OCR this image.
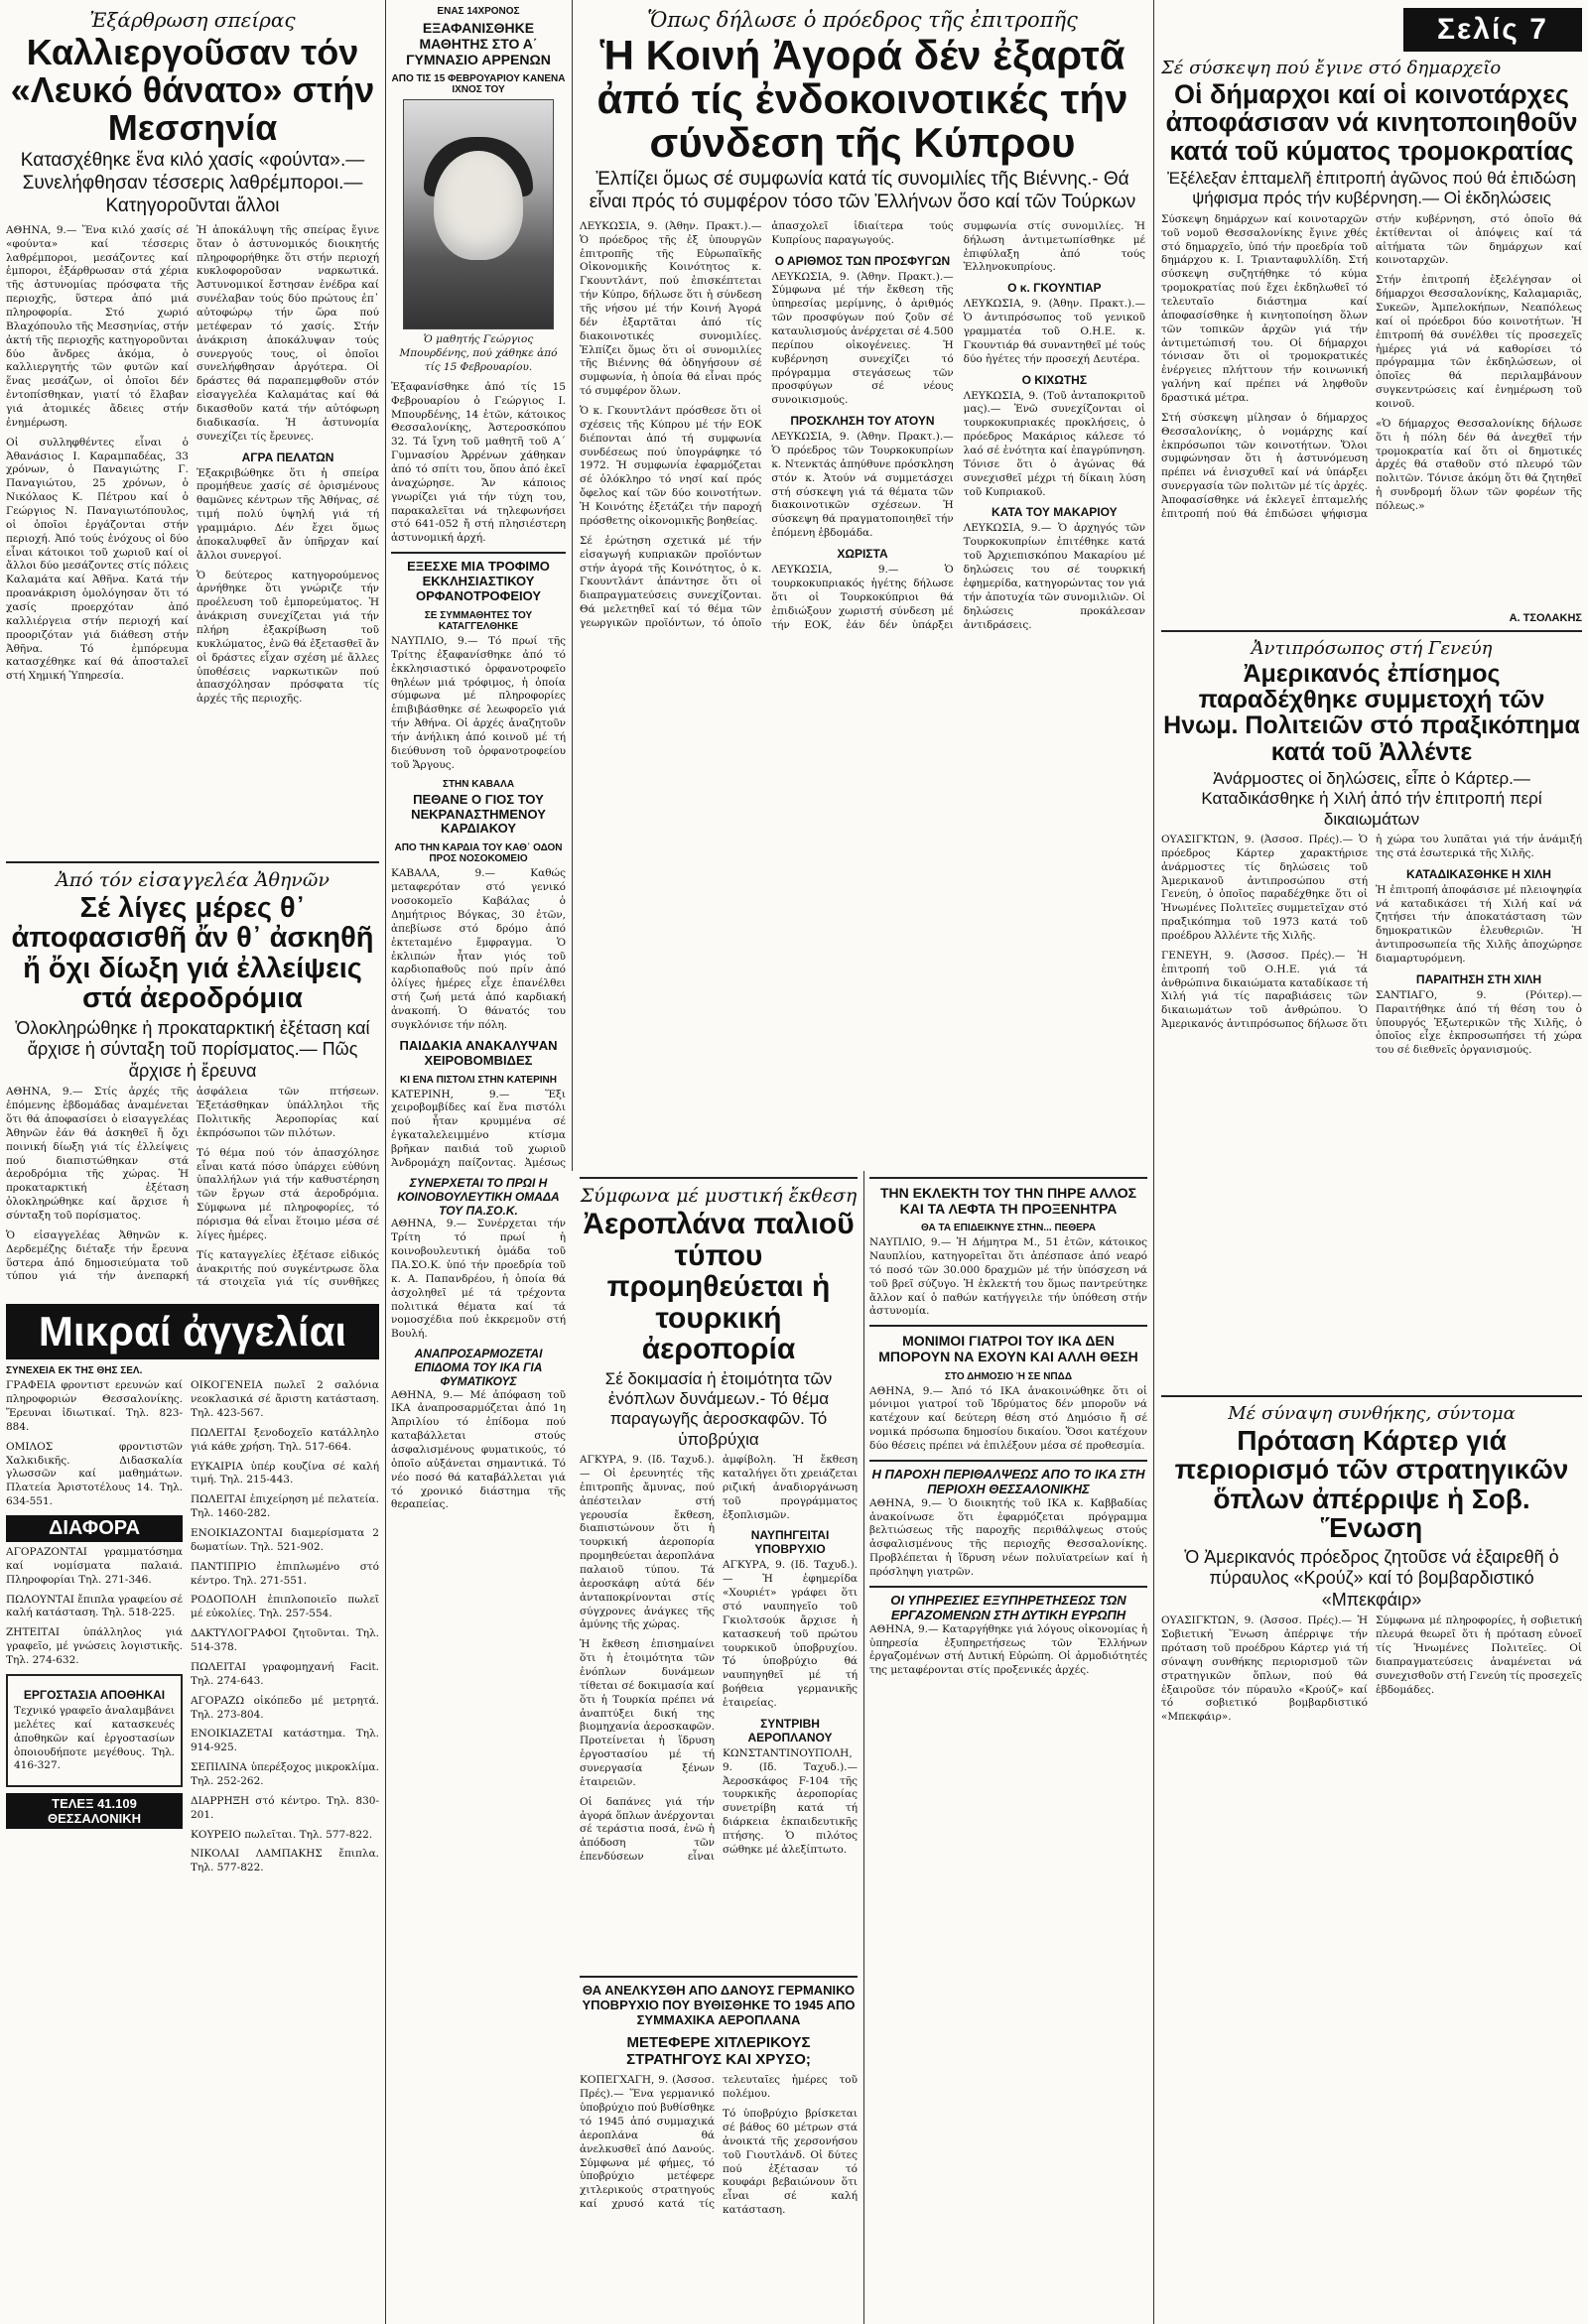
Ἐξάρθρωση σπείρας

Καλλιεργοῦσαν τόν «Λευκό θάνατο» στήν Μεσσηνία

Κατασχέθηκε ἕνα κιλό χασίς «φούντα».— Συνελήφθησαν τέσσερις λαθρέμποροι.— Κατηγοροῦνται ἄλλοι

ΑΘΗΝΑ, 9.— Ἕνα κιλό χασίς σέ «φούντα» καί τέσσερις λαθρέμποροι, μεσάζοντες καί ἐμποροι, ἐξάρθρωσαν στά χέρια τῆς ἀστυνομίας πρόσφατα τῆς περιοχῆς, ὕστερα ἀπό μιά πληροφορία. Στό χωριό Βλαχόπουλο τῆς Μεσσηνίας, στήν ἀκτή τῆς περιοχῆς κατηγοροῦνται δύο ἄνδρες ἀκόμα, ὁ καλλιεργητής τῶν φυτῶν καί ἕνας μεσάζων, οἱ ὁποῖοι δέν ἐντοπίσθηκαν, γιατί τό ἔλαβαν γιά ἀτομικές ἄδειες στήν ἐνημέρωση.

Οἱ συλληφθέντες εἶναι ὁ Ἀθανάσιος Ι. Καραμπαδέας, 33 χρόνων, ὁ Παναγιώτης Γ. Παναγιώτου, 25 χρόνων, ὁ Νικόλαος Κ. Πέτρου καί ὁ Γεώργιος Ν. Παναγιωτόπουλος, οἱ ὁποῖοι ἐργάζονται στήν περιοχή. Ἀπό τούς ἐνόχους οἱ δύο εἶναι κάτοικοι τοῦ χωριοῦ καί οἱ ἄλλοι δύο μεσάζοντες στίς πόλεις Καλαμάτα καί Ἀθῆνα. Κατά τήν προανάκριση ὁμολόγησαν ὅτι τό χασίς προερχόταν ἀπό καλλιέργεια στήν περιοχή καί προοριζόταν γιά διάθεση στήν Ἀθῆνα. Τό ἐμπόρευμα κατασχέθηκε καί θά ἀποσταλεῖ στή Χημική Ὑπηρεσία.

Ἡ ἀποκάλυψη τῆς σπείρας ἔγινε ὅταν ὁ ἀστυνομικός διοικητής πληροφορήθηκε ὅτι στήν περιοχή κυκλοφοροῦσαν ναρκωτικά. Ἀστυνομικοί ἔστησαν ἐνέδρα καί συνέλαβαν τούς δύο πρώτους ἐπ᾽ αὐτοφώρῳ τήν ὥρα πού μετέφεραν τό χασίς. Στήν ἀνάκριση ἀποκάλυψαν τούς συνεργούς τους, οἱ ὁποῖοι συνελήφθησαν ἀργότερα. Οἱ δράστες θά παραπεμφθοῦν στόν εἰσαγγελέα Καλαμάτας καί θά δικασθοῦν κατά τήν αὐτόφωρη διαδικασία. Ἡ ἀστυνομία συνεχίζει τίς ἔρευνες.

ΑΓΡΑ ΠΕΛΑΤΩΝ

Ἐξακριβώθηκε ὅτι ἡ σπείρα προμήθευε χασίς σέ ὁρισμένους θαμῶνες κέντρων τῆς Ἀθήνας, σέ τιμή πολύ ὑψηλή γιά τή γραμμάριο. Δέν ἔχει ὅμως ἀποκαλυφθεῖ ἄν ὑπῆρχαν καί ἄλλοι συνεργοί.

Ὁ δεύτερος κατηγορούμενος ἀρνήθηκε ὅτι γνώριζε τήν προέλευση τοῦ ἐμπορεύματος. Ἡ ἀνάκριση συνεχίζεται γιά τήν πλήρη ἐξακρίβωση τοῦ κυκλώματος, ἐνῶ θά ἐξετασθεῖ ἄν οἱ δράστες εἶχαν σχέση μέ ἄλλες ὑποθέσεις ναρκωτικῶν πού ἀπασχόλησαν πρόσφατα τίς ἀρχές τῆς περιοχῆς.

Ἀπό τόν εἰσαγγελέα Ἀθηνῶν

Σέ λίγες μέρες θ᾽ ἀποφασισθῆ ἄν θ᾽ ἀσκηθῆ ἤ ὄχι δίωξη γιά ἐλλείψεις στά ἀεροδρόμια

Ὁλοκληρώθηκε ἡ προκαταρκτική ἐξέταση καί ἄρχισε ἡ σύνταξη τοῦ πορίσματος.— Πῶς ἄρχισε ἡ ἔρευνα

ΑΘΗΝΑ, 9.— Στίς ἀρχές τῆς ἐπόμενης ἑβδομάδας ἀναμένεται ὅτι θά ἀποφασίσει ὁ εἰσαγγελέας Ἀθηνῶν ἐάν θά ἀσκηθεῖ ἤ ὄχι ποινική δίωξη γιά τίς ἐλλείψεις πού διαπιστώθηκαν στά ἀεροδρόμια τῆς χώρας. Ἡ προκαταρκτική ἐξέταση ὁλοκληρώθηκε καί ἄρχισε ἡ σύνταξη τοῦ πορίσματος.

Ὁ εἰσαγγελέας Ἀθηνῶν κ. Δερδεμέζης διέταξε τήν ἔρευνα ὕστερα ἀπό δημοσιεύματα τοῦ τύπου γιά τήν ἀνεπαρκή ἀσφάλεια τῶν πτήσεων. Ἐξετάσθηκαν ὑπάλληλοι τῆς Πολιτικῆς Ἀεροπορίας καί ἐκπρόσωποι τῶν πιλότων.

Τό θέμα πού τόν ἀπασχόλησε εἶναι κατά πόσο ὑπάρχει εὐθύνη ὑπαλλήλων γιά τήν καθυστέρηση τῶν ἔργων στά ἀεροδρόμια. Σύμφωνα μέ πληροφορίες, τό πόρισμα θά εἶναι ἕτοιμο μέσα σέ λίγες ἡμέρες.

Τίς καταγγελίες ἐξέτασε εἰδικός ἀνακριτής πού συγκέντρωσε ὅλα τά στοιχεῖα γιά τίς συνθῆκες

Μικραί ἀγγελίαι

ΣΥΝΕΧΕΙΑ ΕΚ ΤΗΣ ΘΗΣ ΣΕΛ.

ΓΡΑΦΕΙΑ φροντιστ ερευνών καί πληροφοριών Θεσσαλονίκης. Ἔρευναι ἰδιωτικαί. Τηλ. 823-884.

ΟΜΙΛΟΣ φροντιστῶν Χαλκιδικῆς. Διδασκαλία γλωσσῶν καί μαθημάτων. Πλατεία Ἀριστοτέλους 14. Τηλ. 634-551.

ΔΙΑΦΟΡΑ

ΑΓΟΡΑΖΟΝΤΑΙ γραμματόσημα καί νομίσματα παλαιά. Πληροφορίαι Τηλ. 271-346.

ΠΩΛΟΥΝΤΑΙ ἔπιπλα γραφείου σέ καλή κατάσταση. Τηλ. 518-225.

ΖΗΤΕΙΤΑΙ ὑπάλληλος γιά γραφεῖο, μέ γνώσεις λογιστικῆς. Τηλ. 274-632.

ΕΡΓΟΣΤΑΣΙΑ ΑΠΟΘΗΚΑΙ

Τεχνικό γραφεῖο ἀναλαμβάνει μελέτες καί κατασκευές ἀποθηκῶν καί ἐργοστασίων ὁποιουδήποτε μεγέθους. Τηλ. 416-327.

ΤΕΛΕΞ 41.109 ΘΕΣΣΑΛΟΝΙΚΗ

ΟΙΚΟΓΕΝΕΙΑ πωλεῖ 2 σαλόνια νεοκλασικά σέ ἄριστη κατάσταση. Τηλ. 423-567.

ΠΩΛΕΙΤΑΙ ξενοδοχεῖο κατάλληλο γιά κάθε χρήση. Τηλ. 517-664.

ΕΥΚΑΙΡΙΑ ὑπέρ κουζίνα σέ καλή τιμή. Τηλ. 215-443.

ΠΩΛΕΙΤΑΙ ἐπιχείρηση μέ πελατεία. Τηλ. 1460-282.

ΕΝΟΙΚΙΑΖΟΝΤΑΙ διαμερίσματα 2 δωματίων. Τηλ. 521-902.

ΠΑΝΤΙΠΡΙΟ ἐπιπλωμένο στό κέντρο. Τηλ. 271-551.

ΡΟΔΟΠΟΛΗ ἐπιπλοποιεῖο πωλεῖ μέ εὐκολίες. Τηλ. 257-554.

ΔΑΚΤΥΛΟΓΡΑΦΟΙ ζητοῦνται. Τηλ. 514-378.

ΠΩΛΕΙΤΑΙ γραφομηχανή Facit. Τηλ. 274-643.

ΑΓΟΡΑΖΩ οἰκόπεδο μέ μετρητά. Τηλ. 273-804.

ΕΝΟΙΚΙΑΖΕΤΑΙ κατάστημα. Τηλ. 914-925.

ΣΕΠΙΛΙΝΑ ὑπερέξοχος μικροκλίμα. Τηλ. 252-262.

ΔΙΑΡΡΗΞΗ στό κέντρο. Τηλ. 830-201.

ΚΟΥΡΕΙΟ πωλεῖται. Τηλ. 577-822.

ΝΙΚΟΛΑΙ ΛΑΜΠΑΚΗΣ ἔπιπλα. Τηλ. 577-822.

ΕΝΑΣ 14ΧΡΟΝΟΣ

ΕΞΑΦΑΝΙΣΘΗΚΕ ΜΑΘΗΤΗΣ ΣΤΟ Α΄ ΓΥΜΝΑΣΙΟ ΑΡΡΕΝΩΝ

ΑΠΟ ΤΙΣ 15 ΦΕΒΡΟΥΑΡΙΟΥ ΚΑΝΕΝΑ ΙΧΝΟΣ ΤΟΥ

Ὁ μαθητής Γεώργιος Μπουρδένης, πού χάθηκε ἀπό τίς 15 Φεβρουαρίου.

Ἐξαφανίσθηκε ἀπό τίς 15 Φεβρουαρίου ὁ Γεώργιος Ι. Μπουρδένης, 14 ἐτῶν, κάτοικος Θεσσαλονίκης, Ἀστεροσκόπου 32. Τά ἴχνη τοῦ μαθητῆ τοῦ Α΄ Γυμνασίου Ἀρρένων χάθηκαν ἀπό τό σπίτι του, ὅπου ἀπό ἐκεῖ ἀναχώρησε. Ἄν κάποιος γνωρίζει γιά τήν τύχη του, παρακαλεῖται νά τηλεφωνήσει στό 641-052 ἤ στή πλησιέστερη ἀστυνομική ἀρχή.

ΕΞΕΣΧΕ ΜΙΑ ΤΡΟΦΙΜΟ ΕΚΚΛΗΣΙΑΣΤΙΚΟΥ ΟΡΦΑΝΟΤΡΟΦΕΙΟΥ

ΣΕ ΣΥΜΜΑΘΗΤΕΣ ΤΟΥ ΚΑΤΑΓΓΕΛΘΗΚΕ

ΝΑΥΠΛΙΟ, 9.— Τό πρωί τῆς Τρίτης ἐξαφανίσθηκε ἀπό τό ἐκκλησιαστικό ὀρφανοτροφεῖο θηλέων μιά τρόφιμος, ἡ ὁποία σύμφωνα μέ πληροφορίες ἐπιβιβάσθηκε σέ λεωφορεῖο γιά τήν Ἀθήνα. Οἱ ἀρχές ἀναζητοῦν τήν ἀνήλικη ἀπό κοινοῦ μέ τή διεύθυνση τοῦ ὀρφανοτροφείου τοῦ Ἄργους.

ΣΤΗΝ ΚΑΒΑΛΑ

ΠΕΘΑΝΕ Ο ΓΙΟΣ ΤΟΥ ΝΕΚΡΑΝΑΣΤΗΜΕΝΟΥ ΚΑΡΔΙΑΚΟΥ

ΑΠΟ ΤΗΝ ΚΑΡΔΙΑ ΤΟΥ ΚΑΘ᾽ ΟΔΟΝ ΠΡΟΣ ΝΟΣΟΚΟΜΕΙΟ

ΚΑΒΑΛΑ, 9.— Καθώς μεταφερόταν στό γενικό νοσοκομεῖο Καβάλας ὁ Δημήτριος Βόγκας, 30 ἐτῶν, ἀπεβίωσε στό δρόμο ἀπό ἐκτεταμένο ἔμφραγμα. Ὁ ἐκλιπών ἦταν γιός τοῦ καρδιοπαθοῦς πού πρίν ἀπό ὀλίγες ἡμέρες εἶχε ἐπανέλθει στή ζωή μετά ἀπό καρδιακή ἀνακοπή. Ὁ θάνατός του συγκλόνισε τήν πόλη.

ΠΑΙΔΑΚΙΑ ΑΝΑΚΑΛΥΨΑΝ ΧΕΙΡΟΒΟΜΒΙΔΕΣ

ΚΙ ΕΝΑ ΠΙΣΤΟΛΙ ΣΤΗΝ ΚΑΤΕΡΙΝΗ

ΚΑΤΕΡΙΝΗ, 9.— Ἕξι χειροβομβίδες καί ἕνα πιστόλι πού ἦταν κρυμμένα σέ ἐγκαταλελειμμένο κτίσμα βρῆκαν παιδιά τοῦ χωριοῦ Ἀνδρομάχη παίζοντας. Ἀμέσως

ΣΥΝΕΡΧΕΤΑΙ ΤΟ ΠΡΩΙ Η ΚΟΙΝΟΒΟΥΛΕΥΤΙΚΗ ΟΜΑΔΑ ΤΟΥ ΠΑ.ΣΟ.Κ.

ΑΘΗΝΑ, 9.— Συνέρχεται τήν Τρίτη τό πρωί ἡ κοινοβουλευτική ὁμάδα τοῦ ΠΑ.ΣΟ.Κ. ὑπό τήν προεδρία τοῦ κ. Α. Παπανδρέου, ἡ ὁποία θά ἀσχοληθεῖ μέ τά τρέχοντα πολιτικά θέματα καί τά νομοσχέδια πού ἐκκρεμοῦν στή Βουλή.

ΑΝΑΠΡΟΣΑΡΜΟΖΕΤΑΙ ΕΠΙΔΟΜΑ ΤΟΥ ΙΚΑ ΓΙΑ ΦΥΜΑΤΙΚΟΥΣ

ΑΘΗΝΑ, 9.— Μέ ἀπόφαση τοῦ ΙΚΑ ἀναπροσαρμόζεται ἀπό 1η Ἀπριλίου τό ἐπίδομα πού καταβάλλεται στούς ἀσφαλισμένους φυματικούς, τό ὁποῖο αὐξάνεται σημαντικά. Τό νέο ποσό θά καταβάλλεται γιά τό χρονικό διάστημα τῆς θεραπείας.

Ὅπως δήλωσε ὁ πρόεδρος τῆς ἐπιτροπῆς

Ἡ Κοινή Ἀγορά δέν ἐξαρτᾶ ἀπό τίς ἐνδοκοινοτικές τήν σύνδεση τῆς Κύπρου

Ἐλπίζει ὅμως σέ συμφωνία κατά τίς συνομιλίες τῆς Βιέννης.- Θά εἶναι πρός τό συμφέρον τόσο τῶν Ἑλλήνων ὅσο καί τῶν Τούρκων

ΛΕΥΚΩΣΙΑ, 9. (Ἀθην. Πρακτ.).— Ὁ πρόεδρος τῆς ἐξ ὑπουργῶν ἐπιτροπῆς τῆς Εὐρωπαϊκῆς Οἰκονομικῆς Κοινότητος κ. Γκουντλάντ, πού ἐπισκέπτεται τήν Κύπρο, δήλωσε ὅτι ἡ σύνδεση τῆς νήσου μέ τήν Κοινή Ἀγορά δέν ἐξαρτᾶται ἀπό τίς διακοινοτικές συνομιλίες. Ἐλπίζει ὅμως ὅτι οἱ συνομιλίες τῆς Βιέννης θά ὁδηγήσουν σέ συμφωνία, ἡ ὁποία θά εἶναι πρός τό συμφέρον ὅλων.

Ὁ κ. Γκουντλάντ πρόσθεσε ὅτι οἱ σχέσεις τῆς Κύπρου μέ τήν ΕΟΚ διέπονται ἀπό τή συμφωνία συνδέσεως πού ὑπογράφηκε τό 1972. Ἡ συμφωνία ἐφαρμόζεται σέ ὁλόκληρο τό νησί καί πρός ὄφελος καί τῶν δύο κοινοτήτων. Ἡ Κοινότης ἐξετάζει τήν παροχή πρόσθετης οἰκονομικῆς βοηθείας.

Σέ ἐρώτηση σχετικά μέ τήν εἰσαγωγή κυπριακῶν προϊόντων στήν ἀγορά τῆς Κοινότητος, ὁ κ. Γκουντλάντ ἀπάντησε ὅτι οἱ διαπραγματεύσεις συνεχίζονται. Θά μελετηθεῖ καί τό θέμα τῶν γεωργικῶν προϊόντων, τό ὁποῖο ἀπασχολεῖ ἰδιαίτερα τούς Κυπρίους παραγωγούς.

Ο ΑΡΙΘΜΟΣ ΤΩΝ ΠΡΟΣΦΥΓΩΝ

ΛΕΥΚΩΣΙΑ, 9. (Ἀθην. Πρακτ.).— Σύμφωνα μέ τήν ἔκθεση τῆς ὑπηρεσίας μερίμνης, ὁ ἀριθμός τῶν προσφύγων πού ζοῦν σέ καταυλισμούς ἀνέρχεται σέ 4.500 περίπου οἰκογένειες. Ἡ κυβέρνηση συνεχίζει τό πρόγραμμα στεγάσεως τῶν προσφύγων σέ νέους συνοικισμούς.

ΠΡΟΣΚΛΗΣΗ ΤΟΥ ΑΤΟΥΝ

ΛΕΥΚΩΣΙΑ, 9. (Ἀθην. Πρακτ.).— Ὁ πρόεδρος τῶν Τουρκοκυπρίων κ. Ντενκτάς ἀπηύθυνε πρόσκληση στόν κ. Ἀτούν νά συμμετάσχει στή σύσκεψη γιά τά θέματα τῶν διακοινοτικῶν σχέσεων. Ἡ σύσκεψη θά πραγματοποιηθεῖ τήν ἐπόμενη ἑβδομάδα.

ΧΩΡΙΣΤΑ

ΛΕΥΚΩΣΙΑ, 9.— Ὁ τουρκοκυπριακός ἡγέτης δήλωσε ὅτι οἱ Τουρκοκύπριοι θά ἐπιδιώξουν χωριστή σύνδεση μέ τήν ΕΟΚ, ἐάν δέν ὑπάρξει συμφωνία στίς συνομιλίες. Ἡ δήλωση ἀντιμετωπίσθηκε μέ ἐπιφύλαξη ἀπό τούς Ἑλληνοκυπρίους.

Ο κ. ΓΚΟΥΝΤΙΑΡ

ΛΕΥΚΩΣΙΑ, 9. (Ἀθην. Πρακτ.).— Ὁ ἀντιπρόσωπος τοῦ γενικοῦ γραμματέα τοῦ Ο.Η.Ε. κ. Γκουντιάρ θά συναντηθεῖ μέ τούς δύο ἡγέτες τήν προσεχή Δευτέρα.

Ο ΚΙΧΩΤΗΣ

ΛΕΥΚΩΣΙΑ, 9. (Τοῦ ἀνταποκριτοῦ μας).— Ἐνῶ συνεχίζονται οἱ τουρκοκυπριακές προκλήσεις, ὁ πρόεδρος Μακάριος κάλεσε τό λαό σέ ἑνότητα καί ἐπαγρύπνηση. Τόνισε ὅτι ὁ ἀγώνας θά συνεχισθεῖ μέχρι τή δίκαιη λύση τοῦ Κυπριακοῦ.

ΚΑΤΑ ΤΟΥ ΜΑΚΑΡΙΟΥ

ΛΕΥΚΩΣΙΑ, 9.— Ὁ ἀρχηγός τῶν Τουρκοκυπρίων ἐπιτέθηκε κατά τοῦ Ἀρχιεπισκόπου Μακαρίου μέ δηλώσεις του σέ τουρκική ἐφημερίδα, κατηγορώντας τον γιά τήν ἀποτυχία τῶν συνομιλιῶν. Οἱ δηλώσεις προκάλεσαν ἀντιδράσεις.

Σύμφωνα μέ μυστική ἔκθεση

Ἀεροπλάνα παλιοῦ τύπου προμηθεύεται ἡ τουρκική ἀεροπορία

Σέ δοκιμασία ἡ ἑτοιμότητα τῶν ἐνόπλων δυνάμεων.- Τό θέμα παραγωγῆς ἀεροσκαφῶν. Τό ὑποβρύχια

ΑΓΚΥΡΑ, 9. (Ιδ. Ταχυδ.).— Οἱ ἐρευνητές τῆς ἐπιτροπῆς ἄμυνας, πού ἀπέστειλαν στή γερουσία ἔκθεση, διαπιστώνουν ὅτι ἡ τουρκική ἀεροπορία προμηθεύεται ἀεροπλάνα παλαιοῦ τύπου. Τά ἀεροσκάφη αὐτά δέν ἀνταποκρίνονται στίς σύγχρονες ἀνάγκες τῆς ἀμύνης τῆς χώρας.

Ἡ ἔκθεση ἐπισημαίνει ὅτι ἡ ἑτοιμότητα τῶν ἐνόπλων δυνάμεων τίθεται σέ δοκιμασία καί ὅτι ἡ Τουρκία πρέπει νά ἀναπτύξει δική της βιομηχανία ἀεροσκαφῶν. Προτείνεται ἡ ἵδρυση ἐργοστασίου μέ τή συνεργασία ξένων ἑταιρειῶν.

Οἱ δαπάνες γιά τήν ἀγορά ὅπλων ἀνέρχονται σέ τεράστια ποσά, ἐνῶ ἡ ἀπόδοση τῶν ἐπενδύσεων εἶναι ἀμφίβολη. Ἡ ἔκθεση καταλήγει ὅτι χρειάζεται ριζική ἀναδιοργάνωση τοῦ προγράμματος ἐξοπλισμῶν.

ΝΑΥΠΗΓΕΙΤΑΙ ΥΠΟΒΡΥΧΙΟ

ΑΓΚΥΡΑ, 9. (Ιδ. Ταχυδ.).— Ἡ ἐφημερίδα «Χουριέτ» γράφει ὅτι στό ναυπηγεῖο τοῦ Γκιολτσούκ ἄρχισε ἡ κατασκευή τοῦ πρώτου τουρκικοῦ ὑποβρυχίου. Τό ὑποβρύχιο θά ναυπηγηθεῖ μέ τή βοήθεια γερμανικῆς ἑταιρείας.

ΣΥΝΤΡΙΒΗ ΑΕΡΟΠΛΑΝΟΥ

ΚΩΝΣΤΑΝΤΙΝΟΥΠΟΛΗ, 9. (Ιδ. Ταχυδ.).— Ἀεροσκάφος F-104 τῆς τουρκικῆς ἀεροπορίας συνετρίβη κατά τή διάρκεια ἐκπαιδευτικῆς πτήσης. Ὁ πιλότος σώθηκε μέ ἀλεξίπτωτο.

ΘΑ ΑΝΕΛΚΥΣΘΗ ΑΠΟ ΔΑΝΟΥΣ ΓΕΡΜΑΝΙΚΟ ΥΠΟΒΡΥΧΙΟ ΠΟΥ ΒΥΘΙΣΘΗΚΕ ΤΟ 1945 ΑΠΟ ΣΥΜΜΑΧΙΚΑ ΑΕΡΟΠΛΑΝΑ

ΜΕΤΕΦΕΡΕ ΧΙΤΛΕΡΙΚΟΥΣ ΣΤΡΑΤΗΓΟΥΣ ΚΑΙ ΧΡΥΣΟ;

ΚΟΠΕΓΧΑΓΗ, 9. (Ἀσσοσ. Πρές).— Ἕνα γερμανικό ὑποβρύχιο πού βυθίσθηκε τό 1945 ἀπό συμμαχικά ἀεροπλάνα θά ἀνελκυσθεῖ ἀπό Δανούς. Σύμφωνα μέ φήμες, τό ὑποβρύχιο μετέφερε χιτλερικούς στρατηγούς καί χρυσό κατά τίς τελευταῖες ἡμέρες τοῦ πολέμου.

Τό ὑποβρύχιο βρίσκεται σέ βάθος 60 μέτρων στά ἀνοικτά τῆς χερσονήσου τοῦ Γιουτλάνδ. Οἱ δύτες πού ἐξέτασαν τό κουφάρι βεβαιώνουν ὅτι εἶναι σέ καλή κατάσταση.

ΤΗΝ ΕΚΛΕΚΤΗ ΤΟΥ ΤΗΝ ΠΗΡΕ ΑΛΛΟΣ ΚΑΙ ΤΑ ΛΕΦΤΑ ΤΗ ΠΡΟΞΕΝΗΤΡΑ

ΘΑ ΤΑ ΕΠΙΔΕΙΚΝΥΕ ΣΤΗΝ... ΠΕΘΕΡΑ

ΝΑΥΠΛΙΟ, 9.— Ἡ Δήμητρα Μ., 51 ἐτῶν, κάτοικος Ναυπλίου, κατηγορεῖται ὅτι ἀπέσπασε ἀπό νεαρό τό ποσό τῶν 30.000 δραχμῶν μέ τήν ὑπόσχεση νά τοῦ βρεῖ σύζυγο. Ἡ ἐκλεκτή του ὅμως παντρεύτηκε ἄλλον καί ὁ παθών κατήγγειλε τήν ὑπόθεση στήν ἀστυνομία.

ΜΟΝΙΜΟΙ ΓΙΑΤΡΟΙ ΤΟΥ ΙΚΑ ΔΕΝ ΜΠΟΡΟΥΝ ΝΑ ΕΧΟΥΝ ΚΑΙ ΑΛΛΗ ΘΕΣΗ

ΣΤΟ ΔΗΜΟΣΙΟ Ή ΣΕ ΝΠΔΔ

ΑΘΗΝΑ, 9.— Ἀπό τό ΙΚΑ ἀνακοινώθηκε ὅτι οἱ μόνιμοι γιατροί τοῦ Ἱδρύματος δέν μποροῦν νά κατέχουν καί δεύτερη θέση στό Δημόσιο ἤ σέ νομικά πρόσωπα δημοσίου δικαίου. Ὅσοι κατέχουν δύο θέσεις πρέπει νά ἐπιλέξουν μέσα σέ προθεσμία.

Η ΠΑΡΟΧΗ ΠΕΡΙΘΑΛΨΕΩΣ ΑΠΟ ΤΟ ΙΚΑ ΣΤΗ ΠΕΡΙΟΧΗ ΘΕΣΣΑΛΟΝΙΚΗΣ

ΑΘΗΝΑ, 9.— Ὁ διοικητής τοῦ ΙΚΑ κ. Καββαδίας ἀνακοίνωσε ὅτι ἐφαρμόζεται πρόγραμμα βελτιώσεως τῆς παροχῆς περιθάλψεως στούς ἀσφαλισμένους τῆς περιοχῆς Θεσσαλονίκης. Προβλέπεται ἡ ἵδρυση νέων πολυϊατρείων καί ἡ πρόσληψη γιατρῶν.

ΟΙ ΥΠΗΡΕΣΙΕΣ ΕΞΥΠΗΡΕΤΗΣΕΩΣ ΤΩΝ ΕΡΓΑΖΟΜΕΝΩΝ ΣΤΗ ΔΥΤΙΚΗ ΕΥΡΩΠΗ

ΑΘΗΝΑ, 9.— Καταργήθηκε γιά λόγους οἰκονομίας ἡ ὑπηρεσία ἐξυπηρετήσεως τῶν Ἑλλήνων ἐργαζομένων στή Δυτική Εὐρώπη. Οἱ ἁρμοδιότητές της μεταφέρονται στίς προξενικές ἀρχές.

Σελίς 7

Σέ σύσκεψη πού ἔγινε στό δημαρχεῖο

Οἱ δήμαρχοι καί οἱ κοινοτάρχες ἀποφάσισαν νά κινητοποιηθοῦν κατά τοῦ κύματος τρομοκρατίας

Ἐξέλεξαν ἐπταμελῆ ἐπιτροπή ἀγῶνος πού θά ἐπιδώση ψήφισμα πρός τήν κυβέρνηση.— Οἱ ἐκδηλώσεις

Σύσκεψη δημάρχων καί κοινοταρχῶν τοῦ νομοῦ Θεσσαλονίκης ἔγινε χθές στό δημαρχεῖο, ὑπό τήν προεδρία τοῦ δημάρχου κ. Ι. Τριανταφυλλίδη. Στή σύσκεψη συζητήθηκε τό κύμα τρομοκρατίας πού ἔχει ἐκδηλωθεῖ τό τελευταῖο διάστημα καί ἀποφασίσθηκε ἡ κινητοποίηση ὅλων τῶν τοπικῶν ἀρχῶν γιά τήν ἀντιμετώπισή του. Οἱ δήμαρχοι τόνισαν ὅτι οἱ τρομοκρατικές ἐνέργειες πλήττουν τήν κοινωνική γαλήνη καί πρέπει νά ληφθοῦν δραστικά μέτρα.

Στή σύσκεψη μίλησαν ὁ δήμαρχος Θεσσαλονίκης, ὁ νομάρχης καί ἐκπρόσωποι τῶν κοινοτήτων. Ὅλοι συμφώνησαν ὅτι ἡ ἀστυνόμευση πρέπει νά ἐνισχυθεῖ καί νά ὑπάρξει συνεργασία τῶν πολιτῶν μέ τίς ἀρχές. Ἀποφασίσθηκε νά ἐκλεγεῖ ἐπταμελής ἐπιτροπή πού θά ἐπιδώσει ψήφισμα στήν κυβέρνηση, στό ὁποῖο θά ἐκτίθενται οἱ ἀπόψεις καί τά αἰτήματα τῶν δημάρχων καί κοινοταρχῶν.

Στήν ἐπιτροπή ἐξελέγησαν οἱ δήμαρχοι Θεσσαλονίκης, Καλαμαριᾶς, Συκεῶν, Ἀμπελοκήπων, Νεαπόλεως καί οἱ πρόεδροι δύο κοινοτήτων. Ἡ ἐπιτροπή θά συνέλθει τίς προσεχεῖς ἡμέρες γιά νά καθορίσει τό πρόγραμμα τῶν ἐκδηλώσεων, οἱ ὁποῖες θά περιλαμβάνουν συγκεντρώσεις καί ἐνημέρωση τοῦ κοινοῦ.

«Ὁ δήμαρχος Θεσσαλονίκης δήλωσε ὅτι ἡ πόλη δέν θά ἀνεχθεῖ τήν τρομοκρατία καί ὅτι οἱ δημοτικές ἀρχές θά σταθοῦν στό πλευρό τῶν πολιτῶν. Τόνισε ἀκόμη ὅτι θά ζητηθεῖ ἡ συνδρομή ὅλων τῶν φορέων τῆς πόλεως.»

Α. ΤΣΟΛΑΚΗΣ

Ἀντιπρόσωπος στή Γενεύη

Ἀμερικανός ἐπίσημος παραδέχθηκε συμμετοχή τῶν Ηνωμ. Πολιτειῶν στό πραξικόπημα κατά τοῦ Ἀλλέντε

Ἀνάρμοστες οἱ δηλώσεις, εἶπε ὁ Κάρτερ.— Καταδικάσθηκε ἡ Χιλή ἀπό τήν ἐπιτροπή περί δικαιωμάτων

ΟΥΑΣΙΓΚΤΩΝ, 9. (Ἀσσοσ. Πρές).— Ὁ πρόεδρος Κάρτερ χαρακτήρισε ἀνάρμοστες τίς δηλώσεις τοῦ Ἀμερικανοῦ ἀντιπροσώπου στή Γενεύη, ὁ ὁποῖος παραδέχθηκε ὅτι οἱ Ἡνωμένες Πολιτεῖες συμμετεῖχαν στό πραξικόπημα τοῦ 1973 κατά τοῦ προέδρου Ἀλλέντε τῆς Χιλῆς.

ΓΕΝΕΥΗ, 9. (Ἀσσοσ. Πρές).— Ἡ ἐπιτροπή τοῦ Ο.Η.Ε. γιά τά ἀνθρώπινα δικαιώματα καταδίκασε τή Χιλή γιά τίς παραβιάσεις τῶν δικαιωμάτων τοῦ ἀνθρώπου. Ὁ Ἀμερικανός ἀντιπρόσωπος δήλωσε ὅτι ἡ χώρα του λυπᾶται γιά τήν ἀνάμιξή της στά ἐσωτερικά τῆς Χιλῆς.

ΚΑΤΑΔΙΚΑΣΘΗΚΕ Η ΧΙΛΗ

Ἡ ἐπιτροπή ἀποφάσισε μέ πλειοψηφία νά καταδικάσει τή Χιλή καί νά ζητήσει τήν ἀποκατάσταση τῶν δημοκρατικῶν ἐλευθεριῶν. Ἡ ἀντιπροσωπεία τῆς Χιλῆς ἀποχώρησε διαμαρτυρόμενη.

ΠΑΡΑΙΤΗΣΗ ΣΤΗ ΧΙΛΗ

ΣΑΝΤΙΑΓΟ, 9. (Ρόιτερ).— Παραιτήθηκε ἀπό τή θέση του ὁ ὑπουργός Ἐξωτερικῶν τῆς Χιλῆς, ὁ ὁποῖος εἶχε ἐκπροσωπήσει τή χώρα του σέ διεθνεῖς ὀργανισμούς.

Μέ σύναψη συνθήκης, σύντομα

Πρόταση Κάρτερ γιά περιορισμό τῶν στρατηγικῶν ὅπλων ἀπέρριψε ἡ Σοβ. Ἕνωση

Ὁ Ἀμερικανός πρόεδρος ζητοῦσε νά ἐξαιρεθῆ ὁ πύραυλος «Κρούζ» καί τό βομβαρδιστικό «Μπεκφάιρ»

ΟΥΑΣΙΓΚΤΩΝ, 9. (Ἀσσοσ. Πρές).— Ἡ Σοβιετική Ἕνωση ἀπέρριψε τήν πρόταση τοῦ προέδρου Κάρτερ γιά τή σύναψη συνθήκης περιορισμοῦ τῶν στρατηγικῶν ὅπλων, πού θά ἐξαιροῦσε τόν πύραυλο «Κρούζ» καί τό σοβιετικό βομβαρδιστικό «Μπεκφάιρ».

Σύμφωνα μέ πληροφορίες, ἡ σοβιετική πλευρά θεωρεῖ ὅτι ἡ πρόταση εὐνοεῖ τίς Ἡνωμένες Πολιτεῖες. Οἱ διαπραγματεύσεις ἀναμένεται νά συνεχισθοῦν στή Γενεύη τίς προσεχεῖς ἑβδομάδες.
